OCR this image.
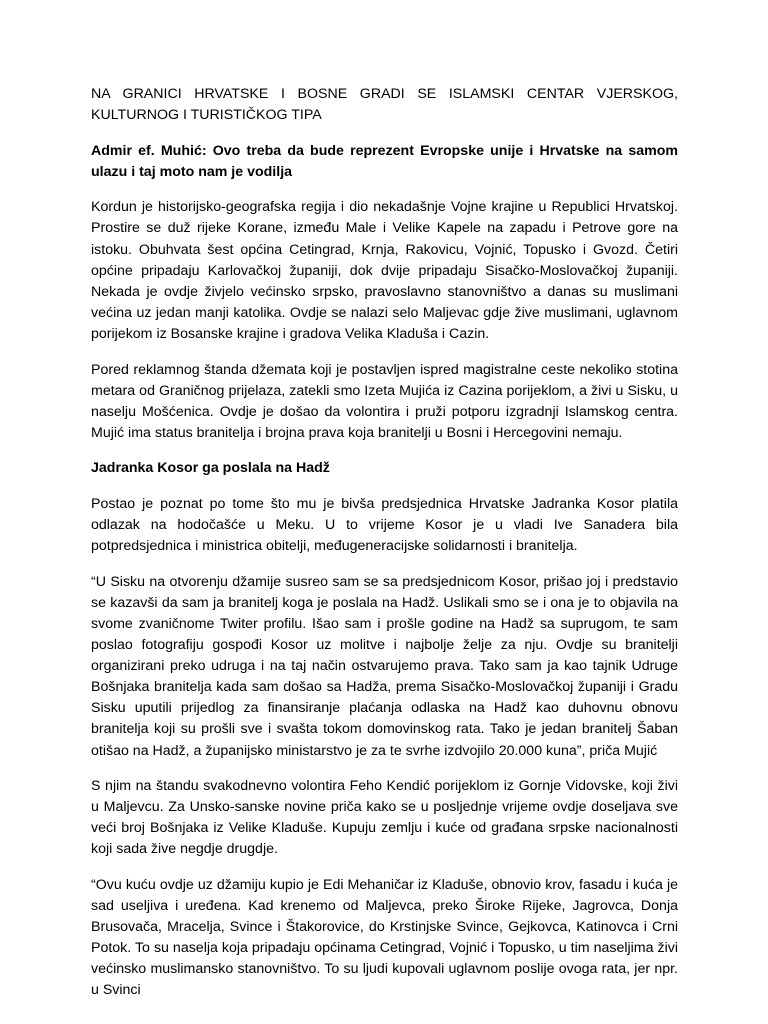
NA GRANICI HRVATSKE I BOSNE GRADI SE ISLAMSKI CENTAR VJERSKOG, KULTURNOG I TURISTIČKOG TIPA

Admir ef. Muhić: Ovo treba da bude reprezent Evropske unije i Hrvatske na samom ulazu i taj moto nam je vodilja

Kordun je historijsko-geografska regija i dio nekadašnje Vojne krajine u Republici Hrvatskoj. Prostire se duž rijeke Korane, između Male i Velike Kapele na zapadu i Petrove gore na istoku. Obuhvata šest općina Cetingrad, Krnja, Rakovicu, Vojnić, Topusko i Gvozd. Četiri općine pripadaju Karlovačkoj županiji, dok dvije pripadaju Sisačko-Moslovačkoj županiji. Nekada je ovdje živjelo većinsko srpsko, pravoslavno stanovništvo a danas su muslimani većina uz jedan manji katolika. Ovdje se nalazi selo Maljevac gdje žive muslimani, uglavnom porijekom iz Bosanske krajine i gradova Velika Kladuša i Cazin.

Pored reklamnog štanda džemata koji je postavljen ispred magistralne ceste nekoliko stotina metara od Graničnog prijelaza, zatekli smo Izeta Mujića iz Cazina porijeklom, a živi u Sisku, u naselju Mošćenica. Ovdje je došao da volontira i pruži potporu izgradnji Islamskog centra. Mujić ima status branitelja i brojna prava koja branitelji u Bosni i Hercegovini nemaju.

Jadranka Kosor ga poslala na Hadž

Postao je poznat po tome što mu je bivša predsjednica Hrvatske Jadranka Kosor platila odlazak na hodočašće u Meku. U to vrijeme Kosor je u vladi Ive Sanadera bila potpredsjednica i ministrica obitelji, međugeneracijske solidarnosti i branitelja.

“U Sisku na otvorenju džamije susreo sam se sa predsjednicom Kosor, prišao joj i predstavio se kazavši da sam ja branitelj koga je poslala na Hadž. Uslikali smo se i ona je to objavila na svome zvaničnome Twiter profilu. Išao sam i prošle godine na Hadž sa suprugom, te sam poslao fotografiju gospođi Kosor uz molitve i najbolje želje za nju. Ovdje su branitelji organizirani preko udruga i na taj način ostvarujemo prava. Tako sam ja kao tajnik Udruge Bošnjaka branitelja kada sam došao sa Hadža, prema Sisačko-Moslovačkoj županiji i Gradu Sisku uputili prijedlog za finansiranje plaćanja odlaska na Hadž kao duhovnu obnovu branitelja koji su prošli sve i svašta tokom domovinskog rata. Tako je jedan branitelj Šaban otišao na Hadž, a županijsko ministarstvo je za te svrhe izdvojilo 20.000 kuna”, priča Mujić

S njim na štandu svakodnevno volontira Feho Kendić porijeklom iz Gornje Vidovske, koji živi u Maljevcu. Za Unsko-sanske novine priča kako se u posljednje vrijeme ovdje doseljava sve veći broj Bošnjaka iz Velike Kladuše. Kupuju zemlju i kuće od građana srpske nacionalnosti koji sada žive negdje drugdje.

“Ovu kuću ovdje uz džamiju kupio je Edi Mehaničar iz Kladuše, obnovio krov, fasadu i kuća je sad useljiva i uređena. Kad krenemo od Maljevca, preko Široke Rijeke, Jagrovca, Donja Brusovača, Mracelja, Svince i Štakorovice, do Krstinjske Svince, Gejkovca, Katinovca i Crni Potok. To su naselja koja pripadaju općinama Cetingrad, Vojnić i Topusko, u tim naseljima živi većinsko muslimansko stanovništvo. To su ljudi kupovali uglavnom poslije ovoga rata, jer npr. u Svinci
